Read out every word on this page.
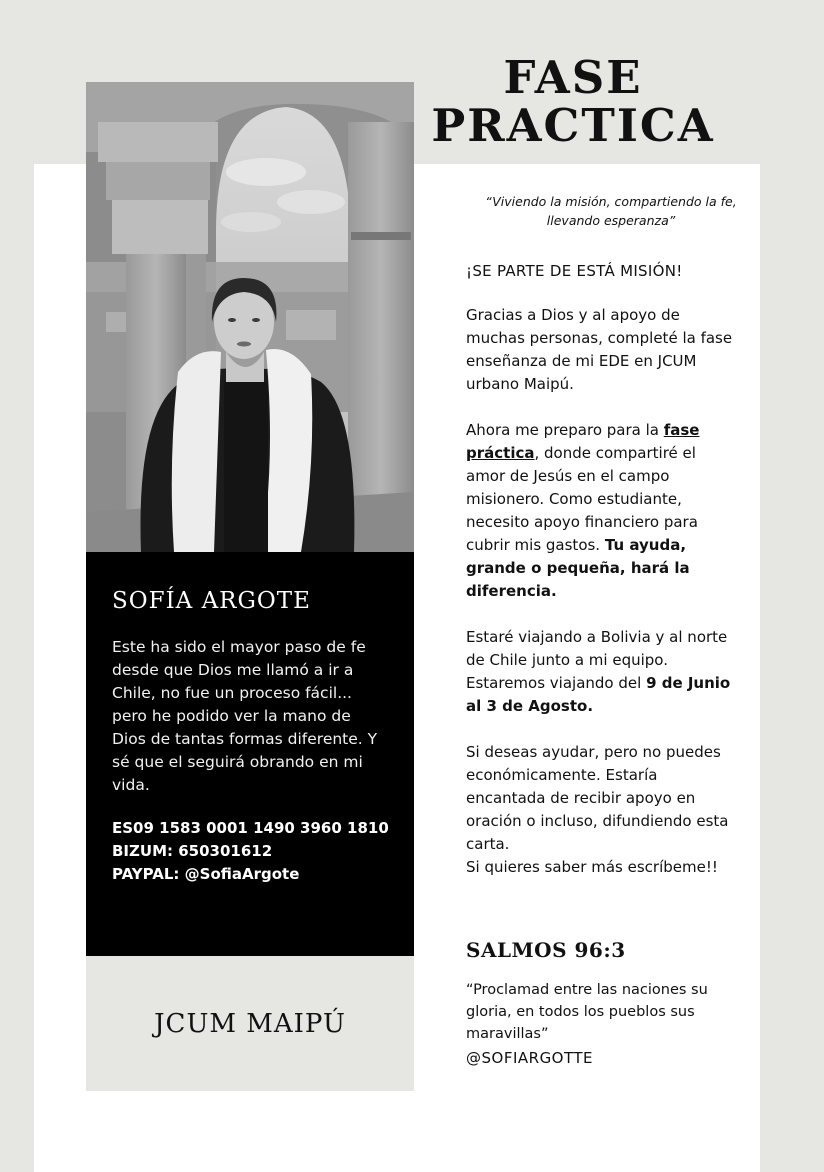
FASE
PRACTICA
SOFÍA ARGOTE

Este ha sido el mayor paso de fe desde que Dios me llamó a ir a Chile, no fue un proceso fácil... pero he podido ver la mano de Dios de tantas formas diferente. Y sé que el seguirá obrando en mi vida.

ES09 1583 0001 1490 3960 1810
BIZUM: 650301612
PAYPAL: @SofiaArgote
JCUM MAIPÚ

“Viviendo la misión, compartiendo la fe, llevando esperanza”

¡SE PARTE DE ESTÁ MISIÓN!

Gracias a Dios y al apoyo de muchas personas, completé la fase enseñanza de mi EDE en JCUM urbano Maipú.

Ahora me preparo para la fase práctica, donde compartiré el amor de Jesús en el campo misionero. Como estudiante, necesito apoyo financiero para cubrir mis gastos. Tu ayuda, grande o pequeña, hará la diferencia.

Estaré viajando a Bolivia y al norte de Chile junto a mi equipo. Estaremos viajando del 9 de Junio al 3 de Agosto.

Si deseas ayudar, pero no puedes económicamente. Estaría encantada de recibir apoyo en oración o incluso, difundiendo esta carta.
Si quieres saber más escríbeme!!

SALMOS 96:3

“Proclamad entre las naciones su gloria, en todos los pueblos sus maravillas”

@SOFIARGOTTE
